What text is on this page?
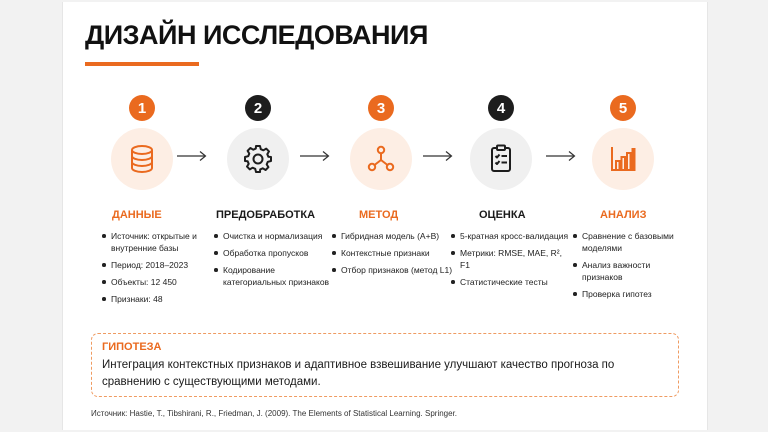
ДИЗАЙН ИССЛЕДОВАНИЯ
1
ДАННЫЕ
Источник: открытые и внутренние базы
Период: 2018–2023
Объекты: 12 450
Признаки: 48
2
ПРЕДОБРАБОТКА
Очистка и нормализация
Обработка пропусков
Кодирование категориальных признаков
3
МЕТОД
Гибридная модель (A+B)
Контекстные признаки
Отбор признаков (метод L1)
4
ОЦЕНКА
5-кратная кросс-валидация
Метрики: RMSE, MAE, R², F1
Статистические тесты
5
АНАЛИЗ
Сравнение с базовыми моделями
Анализ важности признаков
Проверка гипотез
ГИПОТЕЗА
Интеграция контекстных признаков и адаптивное взвешивание улучшают качество прогноза по сравнению с существующими методами.
Источник: Hastie, T., Tibshirani, R., Friedman, J. (2009). The Elements of Statistical Learning. Springer.
